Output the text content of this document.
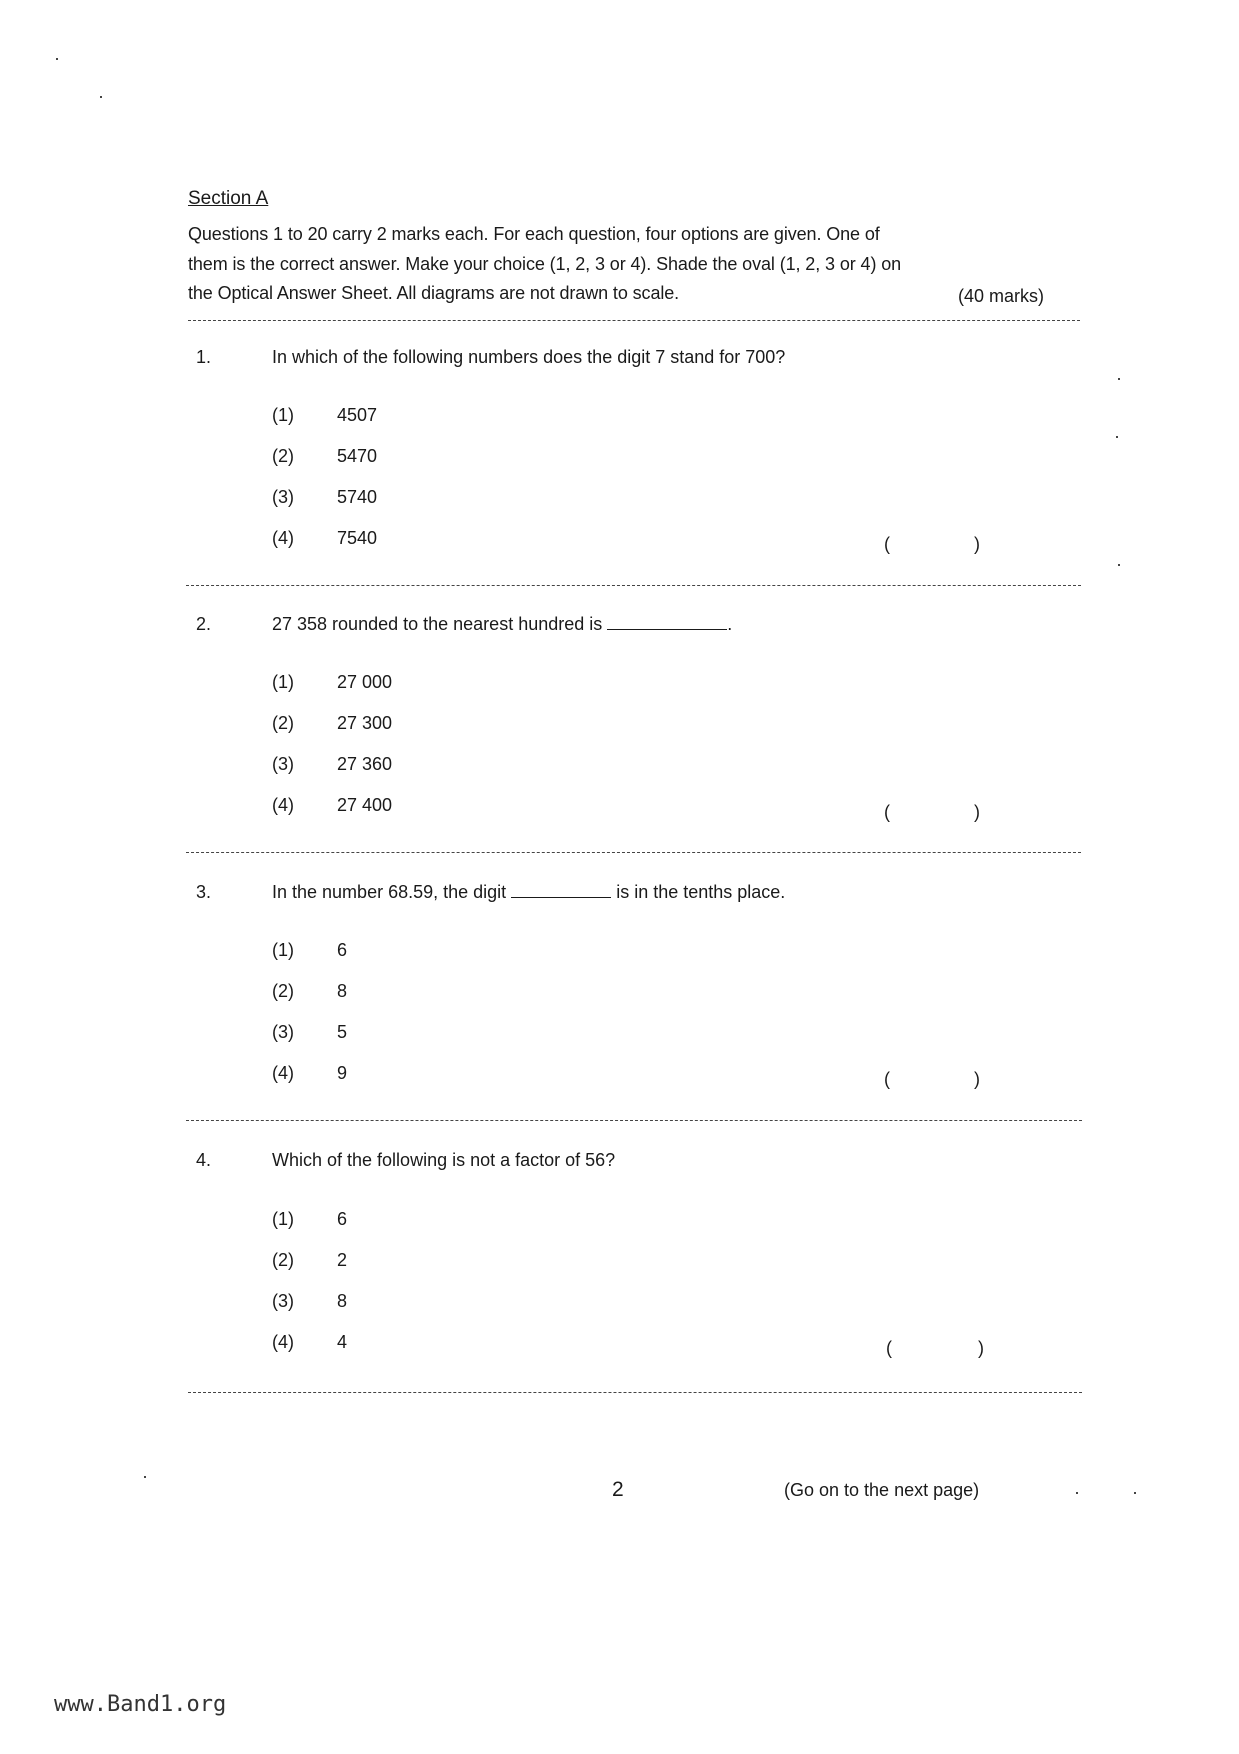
Section A
Questions 1 to 20 carry 2 marks each. For each question, four options are given. One of
them is the correct answer. Make your choice (1, 2, 3 or 4). Shade the oval (1, 2, 3 or 4) on
the Optical Answer Sheet. All diagrams are not drawn to scale.	(40 marks)
1.	In which of the following numbers does the digit 7 stand for 700?
(1) 4507
(2) 5470
(3) 5740
(4) 7540	(	)
2.	27 358 rounded to the nearest hundred is	.
(1) 27 000
(2) 27 300
(3) 27 360
(4) 27 400	(	)
3.	In the number 68.59, the digit	is in the tenths place.
(1) 6
(2) 8
(3) 5
(4) 9	(	)
4.	Which of the following is not a factor of 56?
(1) 6
(2) 2
(3) 8
(4) 4	(	)
2	(Go on to the next page)
www.Band1.org
